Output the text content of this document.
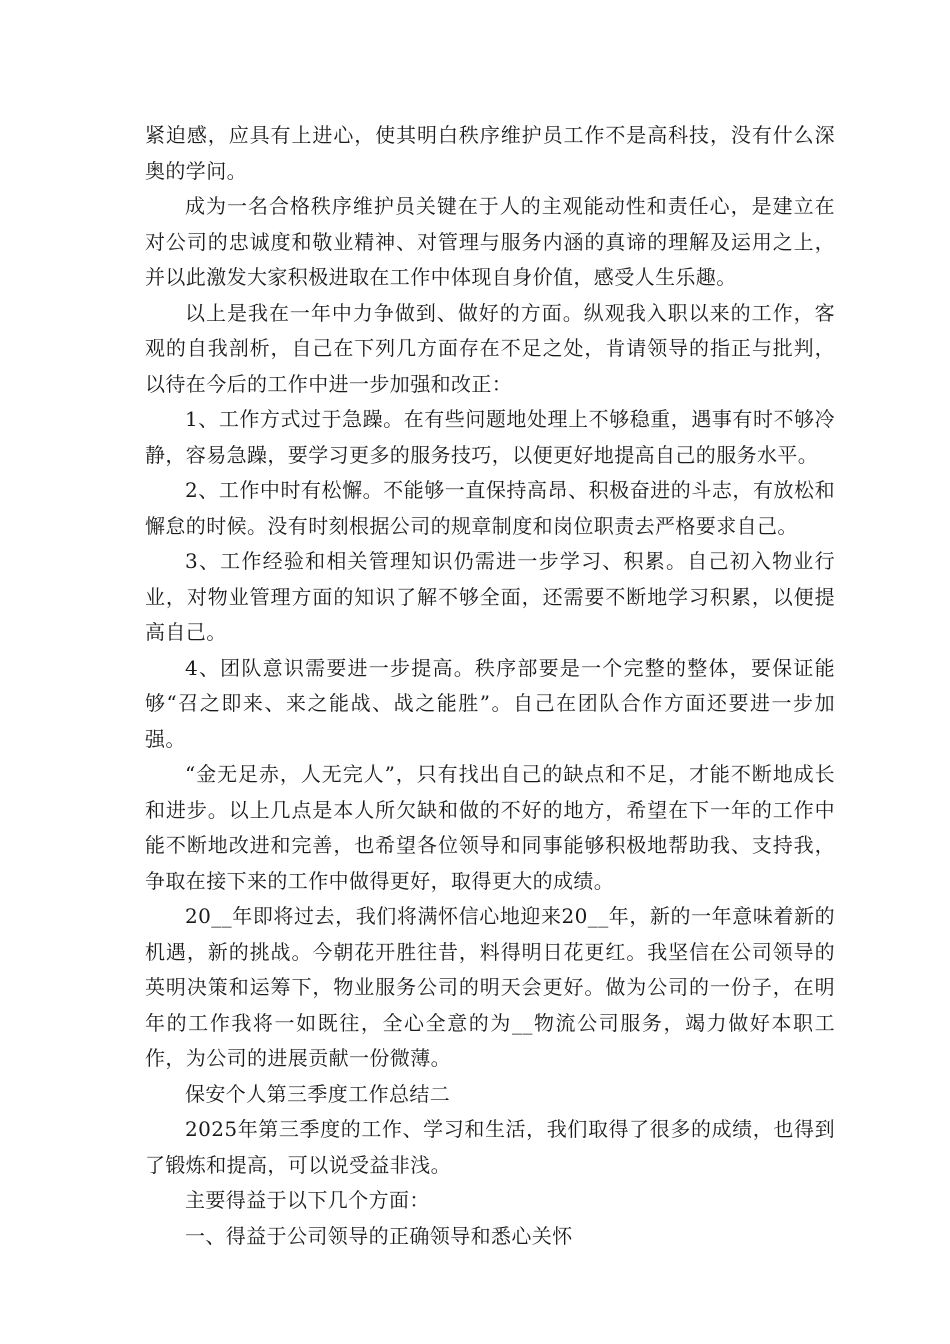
紧迫感，应具有上进心，使其明白秩序维护员工作不是高科技，没有什么深奥的学问。

成为一名合格秩序维护员关键在于人的主观能动性和责任心，是建立在对公司的忠诚度和敬业精神、对管理与服务内涵的真谛的理解及运用之上，并以此激发大家积极进取在工作中体现自身价值，感受人生乐趣。

以上是我在一年中力争做到、做好的方面。纵观我入职以来的工作，客观的自我剖析，自己在下列几方面存在不足之处，肯请领导的指正与批判，以待在今后的工作中进一步加强和改正：

1、工作方式过于急躁。在有些问题地处理上不够稳重，遇事有时不够冷静，容易急躁，要学习更多的服务技巧，以便更好地提高自己的服务水平。

2、工作中时有松懈。不能够一直保持高昂、积极奋进的斗志，有放松和懈怠的时候。没有时刻根据公司的规章制度和岗位职责去严格要求自己。

3、工作经验和相关管理知识仍需进一步学习、积累。自己初入物业行业，对物业管理方面的知识了解不够全面，还需要不断地学习积累，以便提高自己。

4、团队意识需要进一步提高。秩序部要是一个完整的整体，要保证能够“召之即来、来之能战、战之能胜”。自己在团队合作方面还要进一步加强。

“金无足赤，人无完人”，只有找出自己的缺点和不足，才能不断地成长和进步。以上几点是本人所欠缺和做的不好的地方，希望在下一年的工作中能不断地改进和完善，也希望各位领导和同事能够积极地帮助我、支持我，争取在接下来的工作中做得更好，取得更大的成绩。

20__年即将过去，我们将满怀信心地迎来20__年，新的一年意味着新的机遇，新的挑战。今朝花开胜往昔，料得明日花更红。我坚信在公司领导的英明决策和运筹下，物业服务公司的明天会更好。做为公司的一份子，在明年的工作我将一如既往，全心全意的为__物流公司服务，竭力做好本职工作，为公司的进展贡献一份微薄。

保安个人第三季度工作总结二

2025年第三季度的工作、学习和生活，我们取得了很多的成绩，也得到了锻炼和提高，可以说受益非浅。

主要得益于以下几个方面：

一、得益于公司领导的正确领导和悉心关怀
